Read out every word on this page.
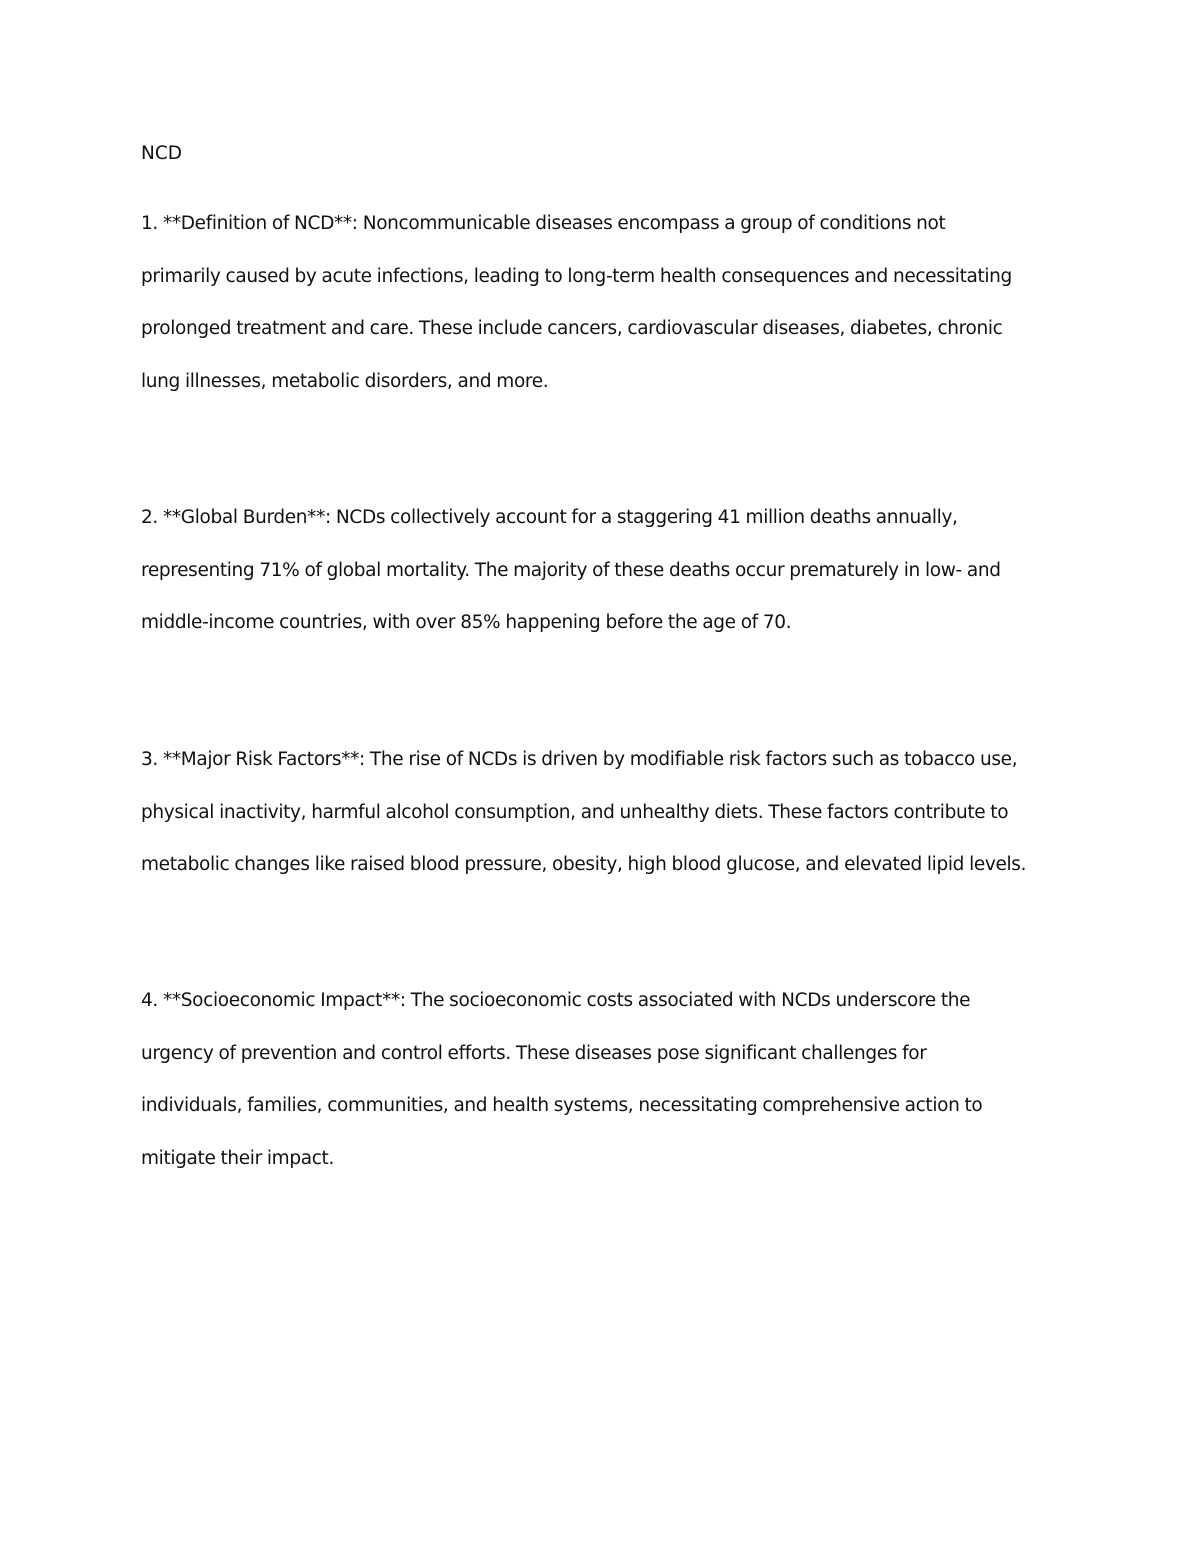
NCD

1. **Definition of NCD**: Noncommunicable diseases encompass a group of conditions not
primarily caused by acute infections, leading to long-term health consequences and necessitating
prolonged treatment and care. These include cancers, cardiovascular diseases, diabetes, chronic
lung illnesses, metabolic disorders, and more.

2. **Global Burden**: NCDs collectively account for a staggering 41 million deaths annually,
representing 71% of global mortality. The majority of these deaths occur prematurely in low- and
middle-income countries, with over 85% happening before the age of 70.

3. **Major Risk Factors**: The rise of NCDs is driven by modifiable risk factors such as tobacco use,
physical inactivity, harmful alcohol consumption, and unhealthy diets. These factors contribute to
metabolic changes like raised blood pressure, obesity, high blood glucose, and elevated lipid levels.

4. **Socioeconomic Impact**: The socioeconomic costs associated with NCDs underscore the
urgency of prevention and control efforts. These diseases pose significant challenges for
individuals, families, communities, and health systems, necessitating comprehensive action to
mitigate their impact.
